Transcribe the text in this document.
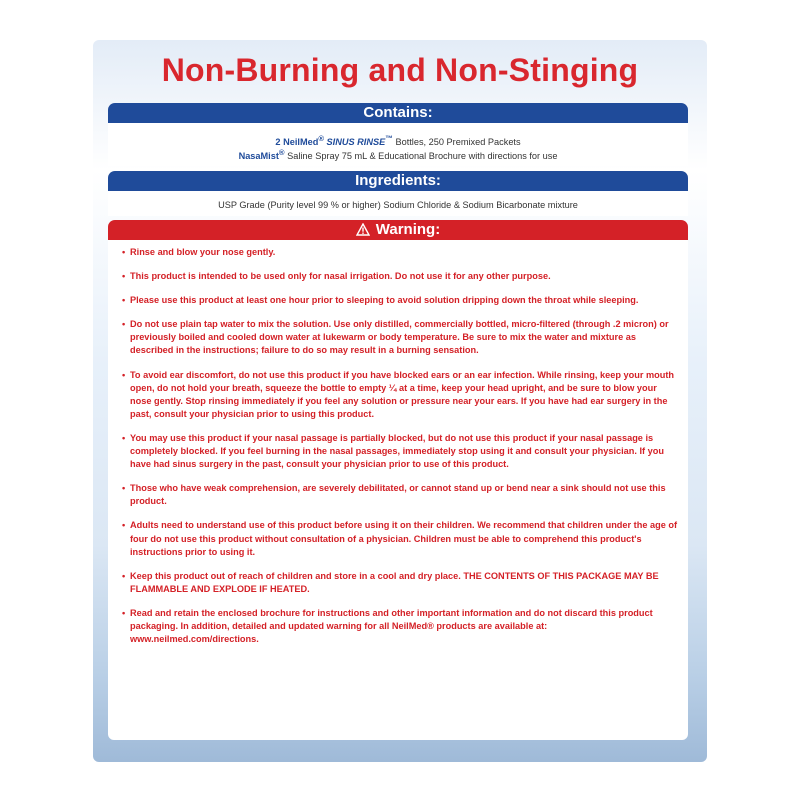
Non-Burning and Non-Stinging
Contains:
2 NeilMed® SINUS RINSE™ Bottles, 250 Premixed Packets
NasaMist® Saline Spray 75 mL & Educational Brochure with directions for use
Ingredients:
USP Grade (Purity level 99 % or higher) Sodium Chloride & Sodium Bicarbonate mixture
Warning:
• Rinse and blow your nose gently.
• This product is intended to be used only for nasal irrigation. Do not use it for any other purpose.
• Please use this product at least one hour prior to sleeping to avoid solution dripping down the throat while sleeping.
• Do not use plain tap water to mix the solution. Use only distilled, commercially bottled, micro-filtered (through .2 micron) or previously boiled and cooled down water at lukewarm or body temperature. Be sure to mix the water and mixture as described in the instructions; failure to do so may result in a burning sensation.
• To avoid ear discomfort, do not use this product if you have blocked ears or an ear infection. While rinsing, keep your mouth open, do not hold your breath, squeeze the bottle to empty ¼ at a time, keep your head upright, and be sure to blow your nose gently. Stop rinsing immediately if you feel any solution or pressure near your ears. If you have had ear surgery in the past, consult your physician prior to using this product.
• You may use this product if your nasal passage is partially blocked, but do not use this product if your nasal passage is completely blocked. If you feel burning in the nasal passages, immediately stop using it and consult your physician. If you have had sinus surgery in the past, consult your physician prior to use of this product.
• Those who have weak comprehension, are severely debilitated, or cannot stand up or bend near a sink should not use this product.
• Adults need to understand use of this product before using it on their children. We recommend that children under the age of four do not use this product without consultation of a physician. Children must be able to comprehend this product's instructions prior to using it.
• Keep this product out of reach of children and store in a cool and dry place. THE CONTENTS OF THIS PACKAGE MAY BE FLAMMABLE AND EXPLODE IF HEATED.
• Read and retain the enclosed brochure for instructions and other important information and do not discard this product packaging. In addition, detailed and updated warning for all NeilMed® products are available at: www.neilmed.com/directions.
